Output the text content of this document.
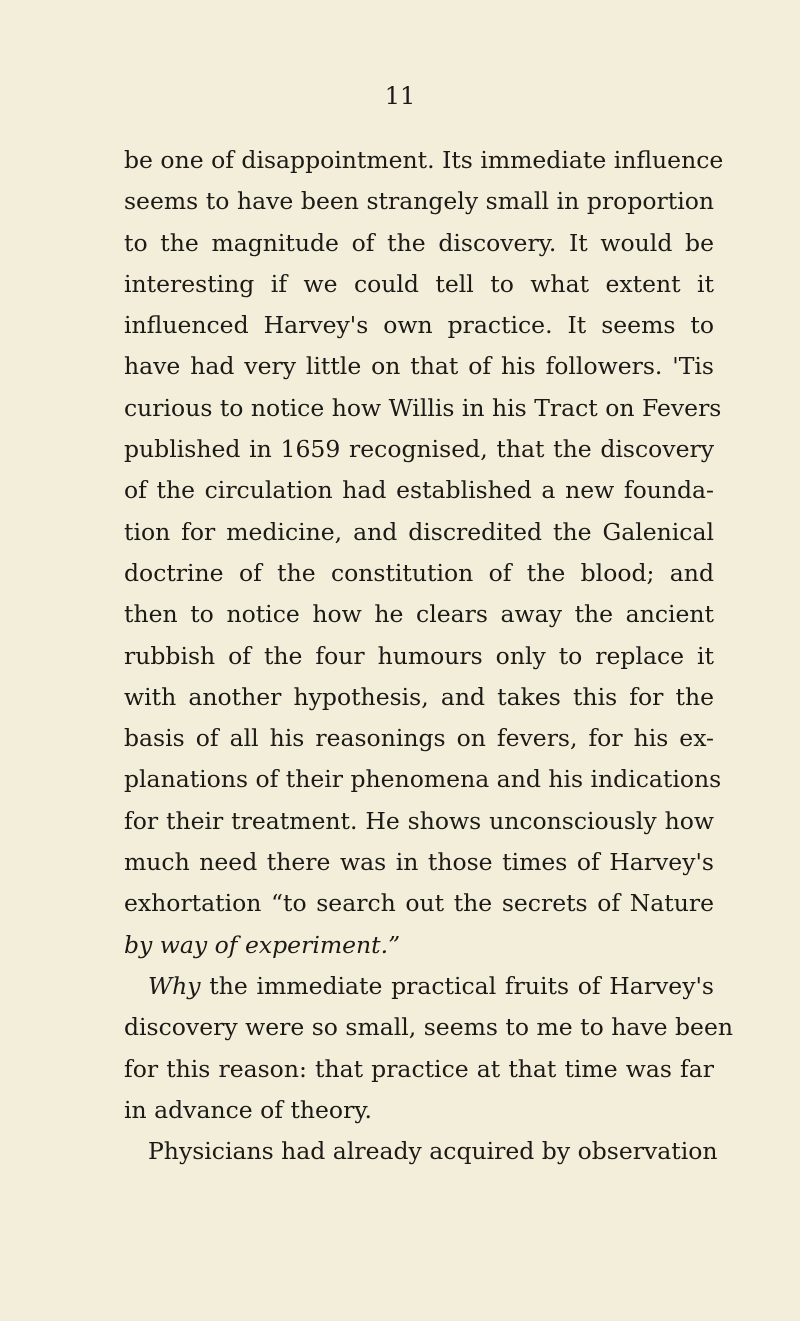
11
be one of disappointment. Its immediate influence
seems to have been strangely small in proportion
to the magnitude of the discovery. It would be
interesting if we could tell to what extent it
influenced Harvey's own practice. It seems to
have had very little on that of his followers. 'Tis
curious to notice how Willis in his Tract on Fevers
published in 1659 recognised, that the discovery
of the circulation had established a new founda-
tion for medicine, and discredited the Galenical
doctrine of the constitution of the blood; and
then to notice how he clears away the ancient
rubbish of the four humours only to replace it
with another hypothesis, and takes this for the
basis of all his reasonings on fevers, for his ex-
planations of their phenomena and his indications
for their treatment. He shows unconsciously how
much need there was in those times of Harvey's
exhortation “to search out the secrets of Nature
by way of experiment.”
Why the immediate practical fruits of Harvey's
discovery were so small, seems to me to have been
for this reason: that practice at that time was far
in advance of theory.
Physicians had already acquired by observation
